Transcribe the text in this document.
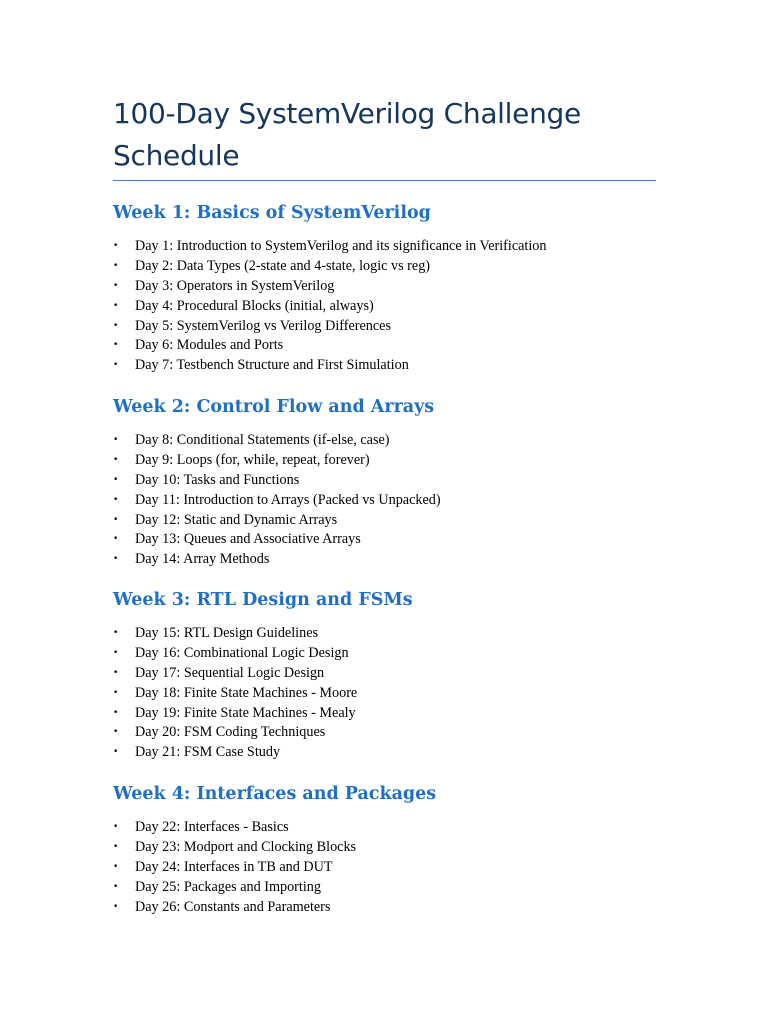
100-Day SystemVerilog Challenge Schedule
Week 1: Basics of SystemVerilog
•	Day 1: Introduction to SystemVerilog and its significance in Verification
•	Day 2: Data Types (2-state and 4-state, logic vs reg)
•	Day 3: Operators in SystemVerilog
•	Day 4: Procedural Blocks (initial, always)
•	Day 5: SystemVerilog vs Verilog Differences
•	Day 6: Modules and Ports
•	Day 7: Testbench Structure and First Simulation
Week 2: Control Flow and Arrays
•	Day 8: Conditional Statements (if-else, case)
•	Day 9: Loops (for, while, repeat, forever)
•	Day 10: Tasks and Functions
•	Day 11: Introduction to Arrays (Packed vs Unpacked)
•	Day 12: Static and Dynamic Arrays
•	Day 13: Queues and Associative Arrays
•	Day 14: Array Methods
Week 3: RTL Design and FSMs
•	Day 15: RTL Design Guidelines
•	Day 16: Combinational Logic Design
•	Day 17: Sequential Logic Design
•	Day 18: Finite State Machines - Moore
•	Day 19: Finite State Machines - Mealy
•	Day 20: FSM Coding Techniques
•	Day 21: FSM Case Study
Week 4: Interfaces and Packages
•	Day 22: Interfaces - Basics
•	Day 23: Modport and Clocking Blocks
•	Day 24: Interfaces in TB and DUT
•	Day 25: Packages and Importing
•	Day 26: Constants and Parameters
